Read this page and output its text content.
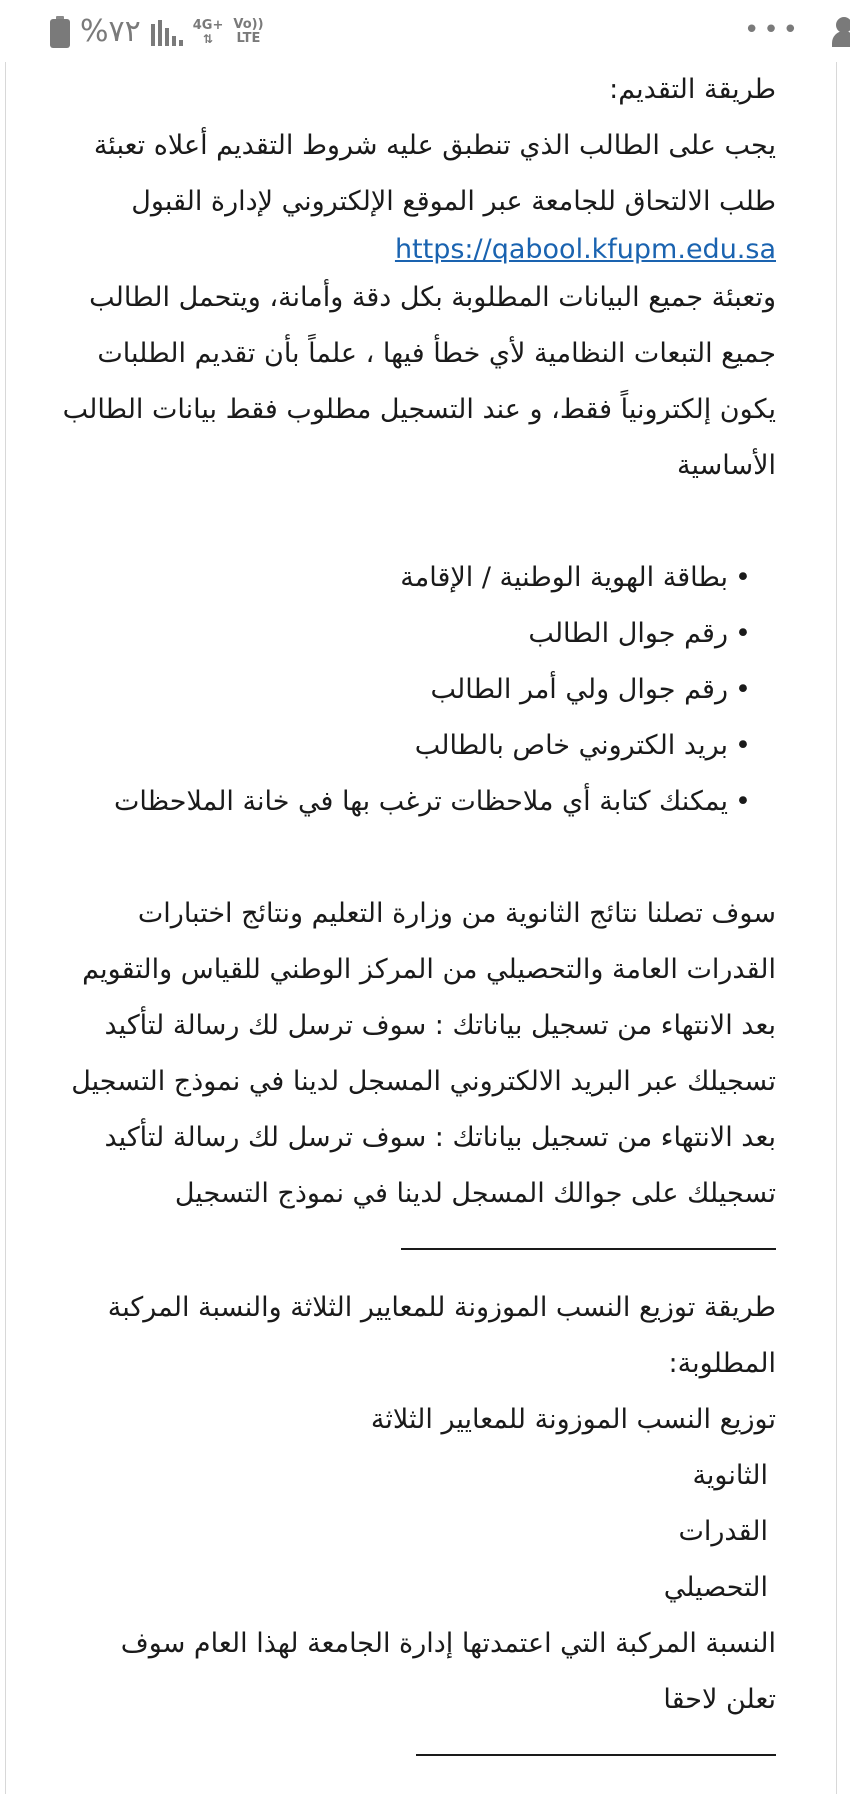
%٧٢	4G+
⇅
Vo))
LTE	•••

طريقة التقديم:

يجب على الطالب الذي تنطبق عليه شروط التقديم أعلاه تعبئة

طلب الالتحاق للجامعة عبر الموقع الإلكتروني لإدارة القبول

https://qabool.kfupm.edu.sa

وتعبئة جميع البيانات المطلوبة بكل دقة وأمانة، ويتحمل الطالب

جميع التبعات النظامية لأي خطأ فيها ، علماً بأن تقديم الطلبات

يكون إلكترونياً فقط، و عند التسجيل مطلوب فقط بيانات الطالب

الأساسية

•بطاقة الهوية الوطنية / الإقامة
•رقم جوال الطالب
•رقم جوال ولي أمر الطالب
•بريد الكتروني خاص بالطالب
•يمكنك كتابة أي ملاحظات ترغب بها في خانة الملاحظات

سوف تصلنا نتائج الثانوية من وزارة التعليم ونتائج اختبارات

القدرات العامة والتحصيلي من المركز الوطني للقياس والتقويم

بعد الانتهاء من تسجيل بياناتك : سوف ترسل لك رسالة لتأكيد

تسجيلك عبر البريد الالكتروني المسجل لدينا في نموذج التسجيل

بعد الانتهاء من تسجيل بياناتك : سوف ترسل لك رسالة لتأكيد

تسجيلك على جوالك المسجل لدينا في نموذج التسجيل

طريقة توزيع النسب الموزونة للمعايير الثلاثة والنسبة المركبة

المطلوبة:

توزيع النسب الموزونة للمعايير الثلاثة

الثانوية

القدرات

التحصيلي

النسبة المركبة التي اعتمدتها إدارة الجامعة لهذا العام سوف

تعلن لاحقا
